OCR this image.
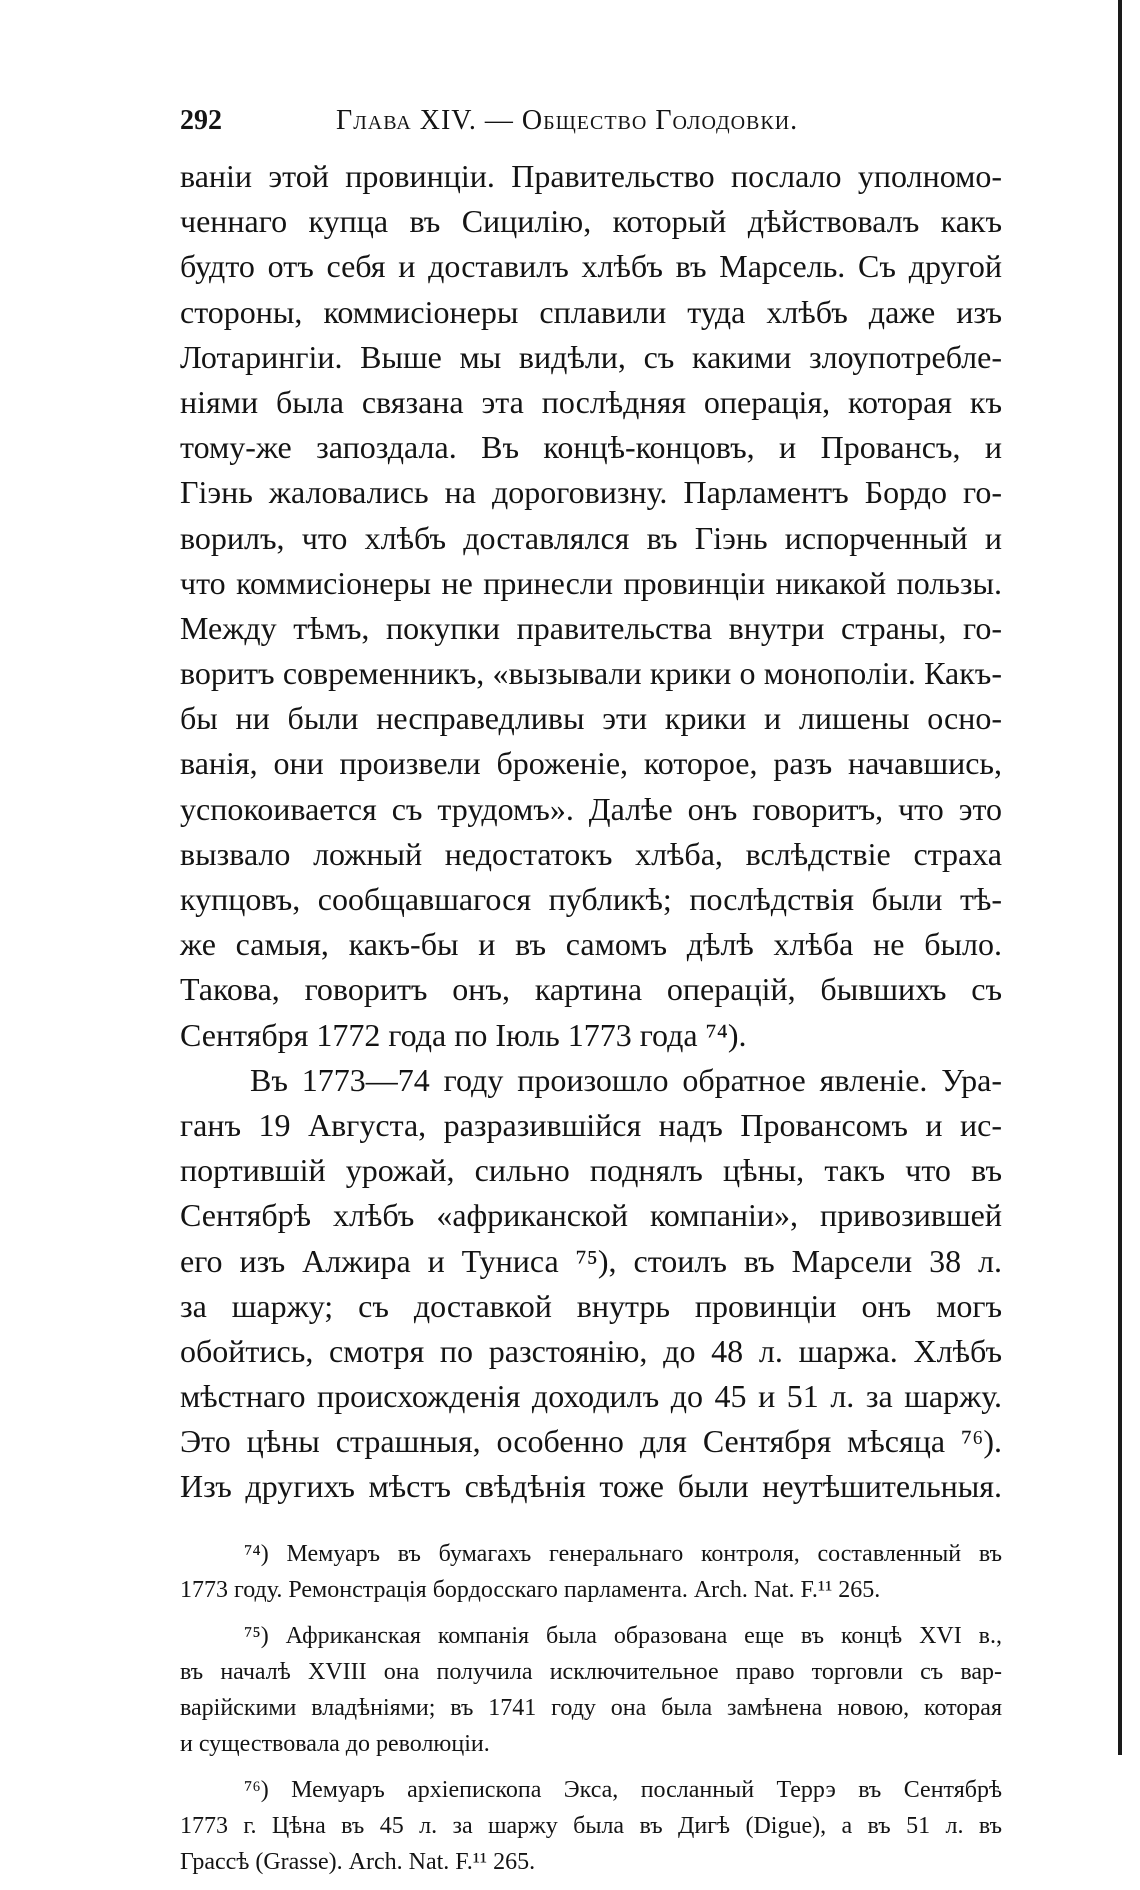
292	Глава XIV. — Общество Голодовки.
ваніи этой провинціи. Правительство послало уполномо-
ченнаго купца въ Сицилію, который дѣйствовалъ какъ
будто отъ себя и доставилъ хлѣбъ въ Марсель. Съ другой
стороны, коммисіонеры сплавили туда хлѣбъ даже изъ
Лотарингіи. Выше мы видѣли, съ какими злоупотребле-
ніями была связана эта послѣдняя операція, которая къ
тому-же запоздала. Въ концѣ-концовъ, и Провансъ, и
Гіэнь жаловались на дороговизну. Парламентъ Бордо го-
ворилъ, что хлѣбъ доставлялся въ Гіэнь испорченный и
что коммисіонеры не принесли провинціи никакой пользы.
Между тѣмъ, покупки правительства внутри страны, го-
воритъ современникъ, «вызывали крики о монополіи. Какъ-
бы ни были несправедливы эти крики и лишены осно-
ванія, они произвели броженіе, которое, разъ начавшись,
успокоивается съ трудомъ». Далѣе онъ говоритъ, что это
вызвало ложный недостатокъ хлѣба, вслѣдствіе страха
купцовъ, сообщавшагося публикѣ; послѣдствія были тѣ-
же самыя, какъ-бы и въ самомъ дѣлѣ хлѣба не было.
Такова, говоритъ онъ, картина операцій, бывшихъ съ
Сентября 1772 года по Іюль 1773 года ⁷⁴).
Въ 1773—74 году произошло обратное явленіе. Ура-
ганъ 19 Августа, разразившійся надъ Провансомъ и ис-
портившій урожай, сильно поднялъ цѣны, такъ что въ
Сентябрѣ хлѣбъ «африканской компаніи», привозившей
его изъ Алжира и Туниса ⁷⁵), стоилъ въ Марсели 38 л.
за шаржу; съ доставкой внутрь провинціи онъ могъ
обойтись, смотря по разстоянію, до 48 л. шаржа. Хлѣбъ
мѣстнаго происхожденія доходилъ до 45 и 51 л. за шаржу.
Это цѣны страшныя, особенно для Сентября мѣсяца ⁷⁶).
Изъ другихъ мѣстъ свѣдѣнія тоже были неутѣшительныя.
⁷⁴) Мемуаръ въ бумагахъ генеральнаго контроля, составленный въ
1773 году. Ремонстрація бордосскаго парламента. Arch. Nat. F.¹¹ 265.
⁷⁵) Африканская компанія была образована еще въ концѣ XVI в.,
въ началѣ XVIII она получила исключительное право торговли съ вар-
варійскими владѣніями; въ 1741 году она была замѣнена новою, которая
и существовала до революціи.
⁷⁶) Мемуаръ архіепископа Экса, посланный Террэ въ Сентябрѣ
1773 г. Цѣна въ 45 л. за шаржу была въ Дигѣ (Digue), а въ 51 л. въ
Грассѣ (Grasse). Arch. Nat. F.¹¹ 265.
